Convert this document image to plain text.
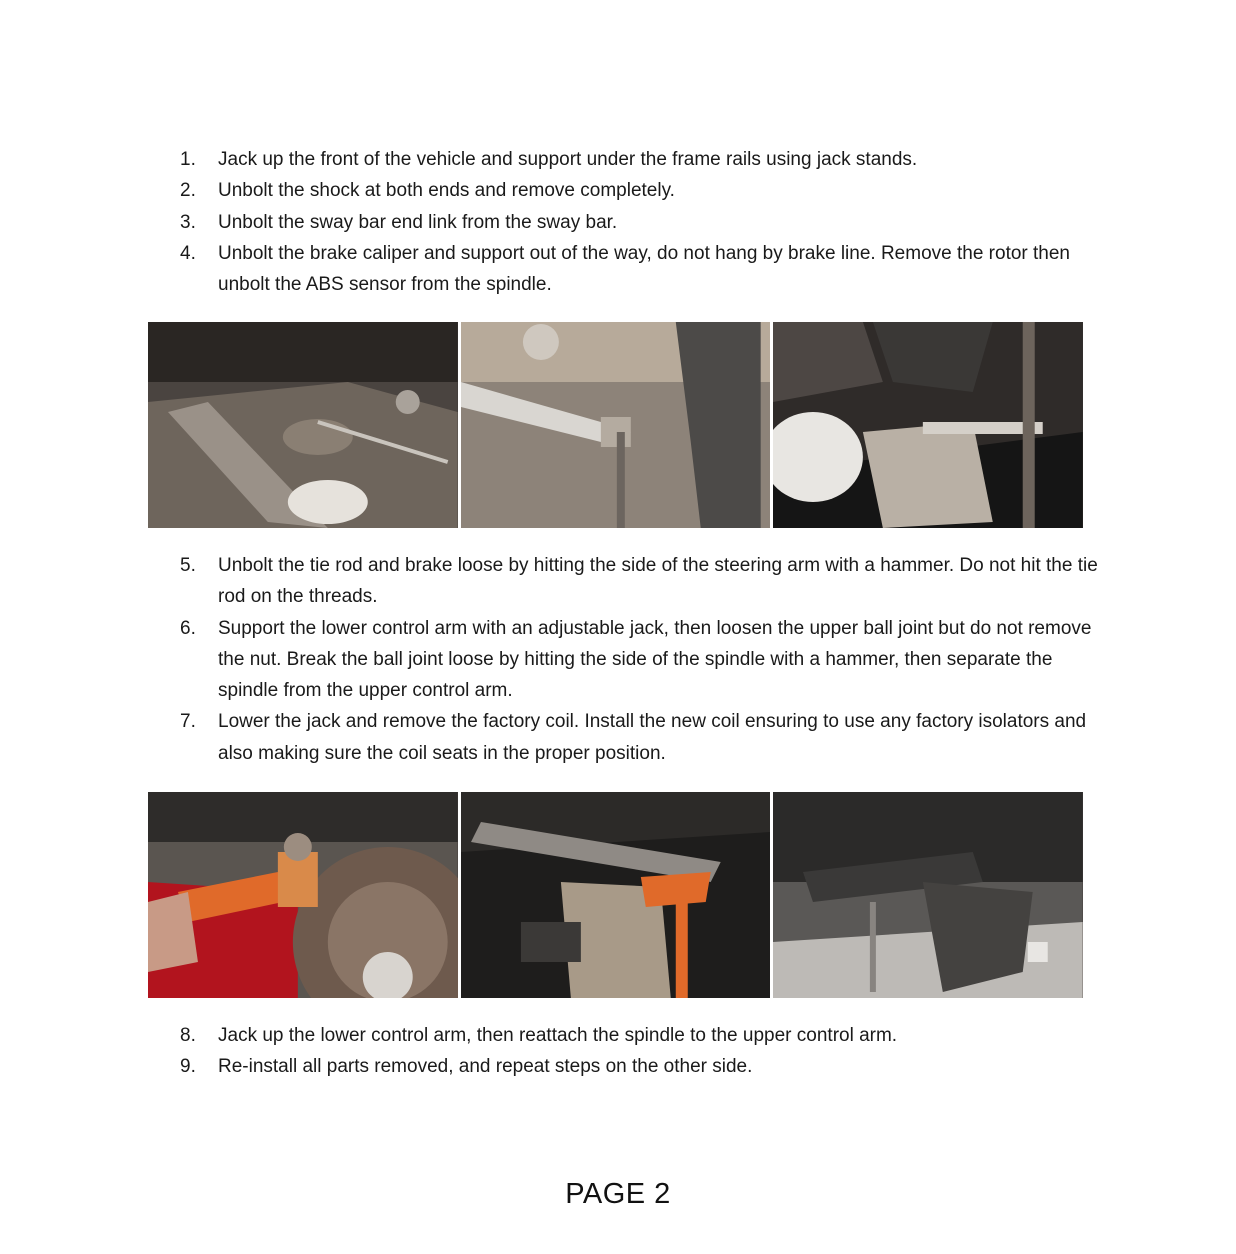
1. Jack up the front of the vehicle and support under the frame rails using jack stands.
2. Unbolt the shock at both ends and remove completely.
3. Unbolt the sway bar end link from the sway bar.
4. Unbolt the brake caliper and support out of the way, do not hang by brake line. Remove the rotor then unbolt the ABS sensor from the spindle.
5. Unbolt the tie rod and brake loose by hitting the side of the steering arm with a hammer. Do not hit the tie rod on the threads.
6. Support the lower control arm with an adjustable jack, then loosen the upper ball joint but do not remove the nut. Break the ball joint loose by hitting the side of the spindle with a hammer, then separate the spindle from the upper control arm.
7. Lower the jack and remove the factory coil. Install the new coil ensuring to use any factory isolators and also making sure the coil seats in the proper position.
8. Jack up the lower control arm, then reattach the spindle to the upper control arm.
9. Re-install all parts removed, and repeat steps on the other side.
PAGE 2
